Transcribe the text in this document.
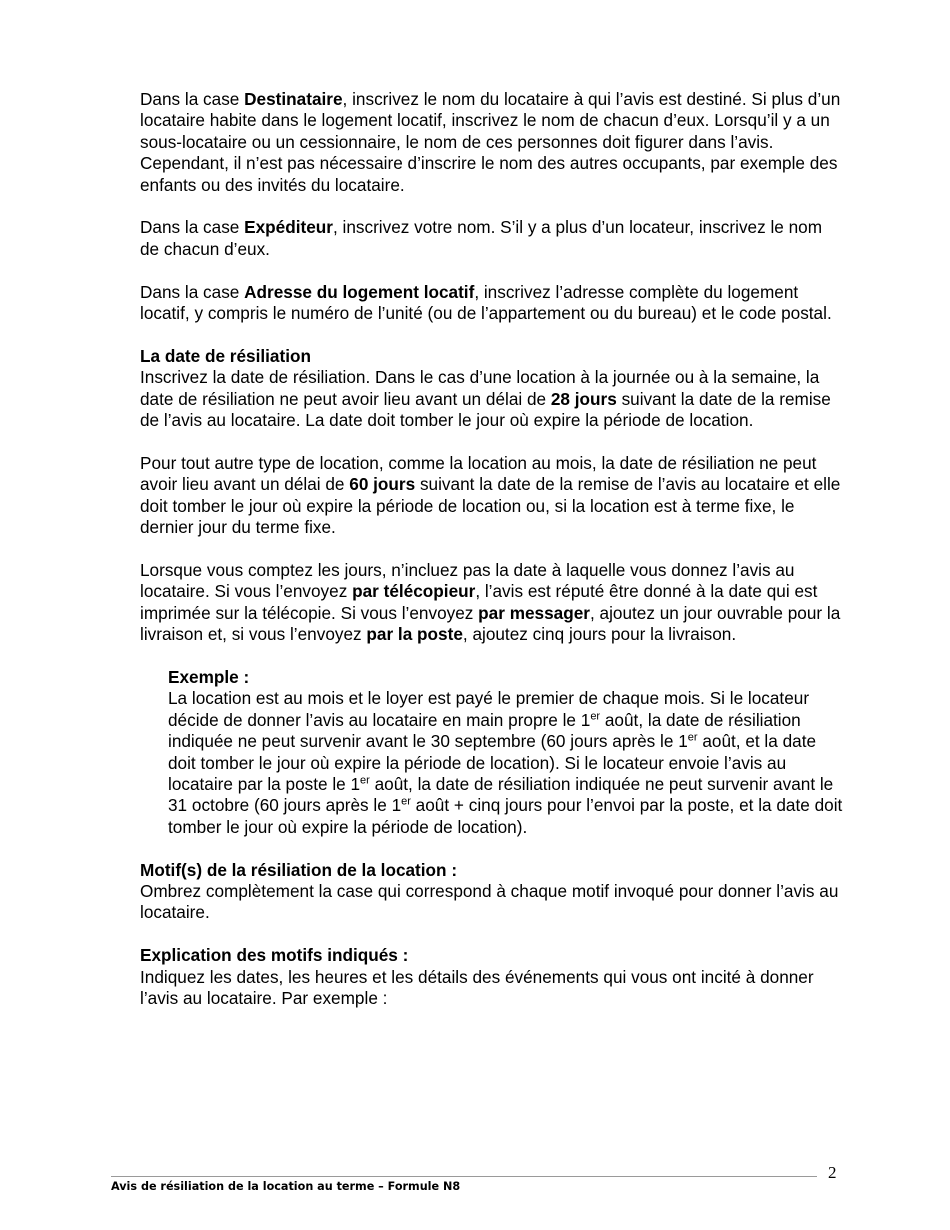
Dans la case Destinataire, inscrivez le nom du locataire à qui l’avis est destiné. Si plus d’un locataire habite dans le logement locatif, inscrivez le nom de chacun d’eux. Lorsqu’il y a un sous-locataire ou un cessionnaire, le nom de ces personnes doit figurer dans l’avis. Cependant, il n’est pas nécessaire d’inscrire le nom des autres occupants, par exemple des enfants ou des invités du locataire.

Dans la case Expéditeur, inscrivez votre nom. S’il y a plus d’un locateur, inscrivez le nom de chacun d’eux.

Dans la case Adresse du logement locatif, inscrivez l’adresse complète du logement locatif, y compris le numéro de l’unité (ou de l’appartement ou du bureau) et le code postal.

La date de résiliation

Inscrivez la date de résiliation. Dans le cas d’une location à la journée ou à la semaine, la date de résiliation ne peut avoir lieu avant un délai de 28 jours suivant la date de la remise de l’avis au locataire. La date doit tomber le jour où expire la période de location.

Pour tout autre type de location, comme la location au mois, la date de résiliation ne peut avoir lieu avant un délai de 60 jours suivant la date de la remise de l’avis au locataire et elle doit tomber le jour où expire la période de location ou, si la location est à terme fixe, le dernier jour du terme fixe.

Lorsque vous comptez les jours, n’incluez pas la date à laquelle vous donnez l’avis au locataire. Si vous l’envoyez par télécopieur, l’avis est réputé être donné à la date qui est imprimée sur la télécopie. Si vous l’envoyez par messager, ajoutez un jour ouvrable pour la livraison et, si vous l’envoyez par la poste, ajoutez cinq jours pour la livraison.

Exemple :

La location est au mois et le loyer est payé le premier de chaque mois. Si le locateur décide de donner l’avis au locataire en main propre le 1er août, la date de résiliation indiquée ne peut survenir avant le 30 septembre (60 jours après le 1er août, et la date doit tomber le jour où expire la période de location). Si le locateur envoie l’avis au locataire par la poste le 1er août, la date de résiliation indiquée ne peut survenir avant le 31 octobre (60 jours après le 1er août + cinq jours pour l’envoi par la poste, et la date doit tomber le jour où expire la période de location).

Motif(s) de la résiliation de la location :

Ombrez complètement la case qui correspond à chaque motif invoqué pour donner l’avis au locataire.

Explication des motifs indiqués :

Indiquez les dates, les heures et les détails des événements qui vous ont incité à donner l’avis au locataire. Par exemple :

2
Avis de résiliation de la location au terme – Formule N8
